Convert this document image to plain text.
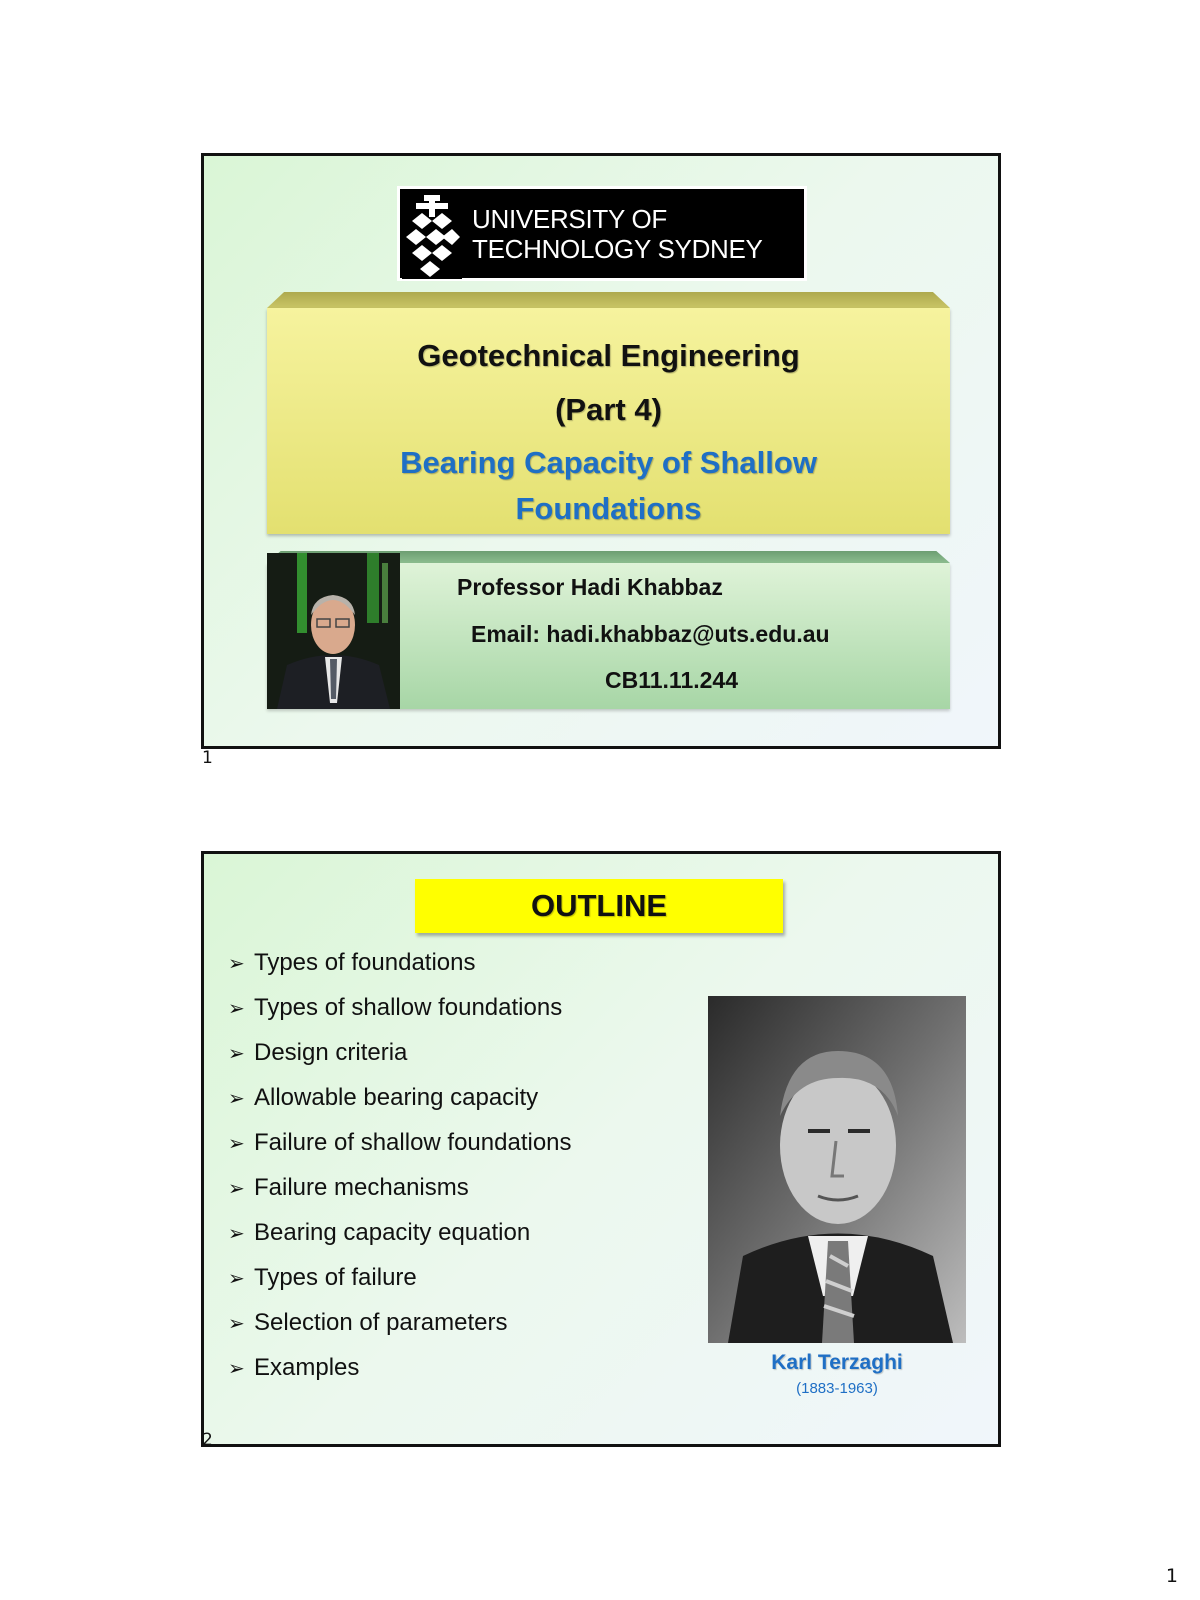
UNIVERSITY OF
TECHNOLOGY SYDNEY
Geotechnical Engineering
(Part 4)
Bearing Capacity of Shallow Foundations
Professor Hadi Khabbaz
Email: hadi.khabbaz@uts.edu.au
CB11.11.244
1
OUTLINE
➢ Types of foundations
➢ Types of shallow foundations
➢ Design criteria
➢ Allowable bearing capacity
➢ Failure of shallow foundations
➢ Failure mechanisms
➢ Bearing capacity equation
➢ Types of failure
➢ Selection of parameters
➢ Examples	Karl Terzaghi
(1883-1963)
2
1
